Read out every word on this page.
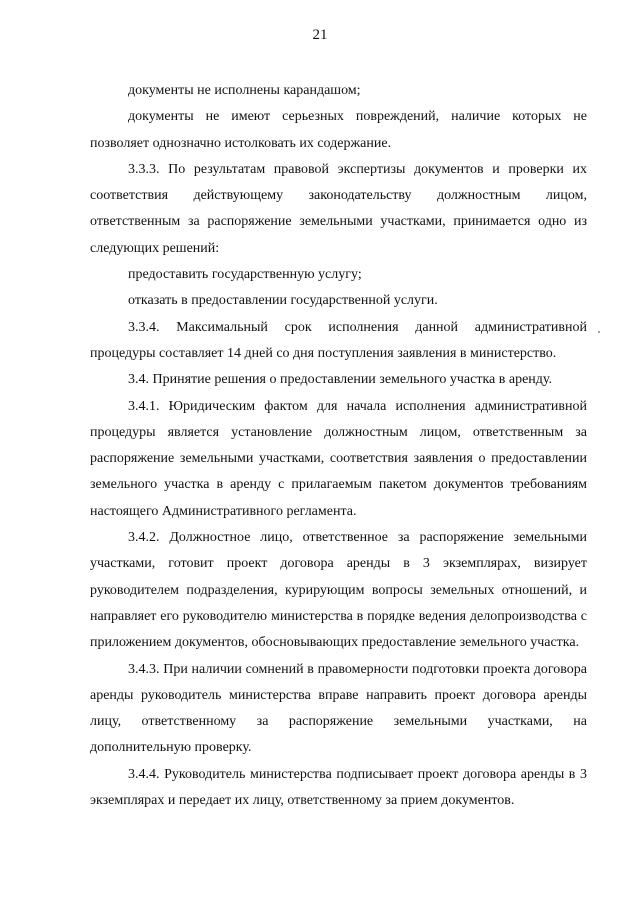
21

документы не исполнены карандашом;

документы не имеют серьезных повреждений, наличие которых не позволяет однозначно истолковать их содержание.

3.3.3. По результатам правовой экспертизы документов и проверки их соответствия действующему законодательству должностным лицом, ответственным за распоряжение земельными участками, принимается одно из следующих решений:

предоставить государственную услугу;

отказать в предоставлении государственной услуги.

3.3.4. Максимальный срок исполнения данной административной процедуры составляет 14 дней со дня поступления заявления в министерство.

3.4. Принятие решения о предоставлении земельного участка в аренду.

3.4.1. Юридическим фактом для начала исполнения административной процедуры является установление должностным лицом, ответственным за распоряжение земельными участками, соответствия заявления о предоставлении земельного участка в аренду с прилагаемым пакетом документов требованиям настоящего Административного регламента.

3.4.2. Должностное лицо, ответственное за распоряжение земельными участками, готовит проект договора аренды в 3 экземплярах, визирует руководителем подразделения, курирующим вопросы земельных отношений, и направляет его руководителю министерства в порядке ведения делопроизводства с приложением документов, обосновывающих предоставление земельного участка.

3.4.3. При наличии сомнений в правомерности подготовки проекта договора аренды руководитель министерства вправе направить проект договора аренды лицу, ответственному за распоряжение земельными участками, на дополнительную проверку.

3.4.4. Руководитель министерства подписывает проект договора аренды в 3 экземплярах и передает их лицу, ответственному за прием документов.
